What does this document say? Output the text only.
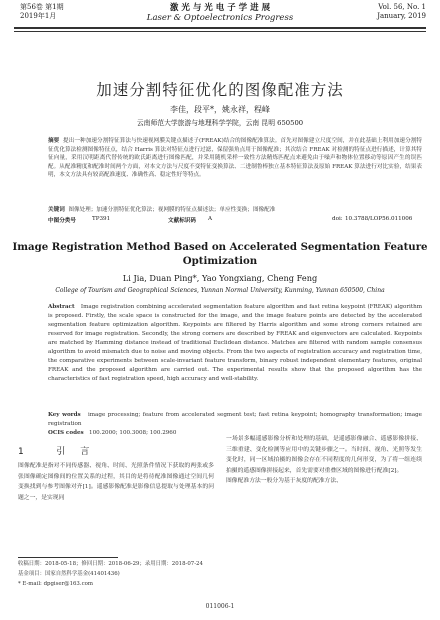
第56卷 第1期
2019年1月
激 光 与 光 电 子 学 进 展
Laser & Optoelectronics Progress
Vol. 56, No. 1
January, 2019
加速分割特征优化的图像配准方法
李佳，段平*，姚永祥，程峰
云南师范大学旅游与地理科学学院，云南 昆明 650500
摘要 提出一种加速分割特征算法与快速视网膜关键点描述子(FREAK)结合的图像配准算法。首先对图像建立尺度空间，并在此基础上利用加速分割特征优化算法检测图像特征点，结合 Harris 算法对特征点进行过滤，保留强角点用于图像配准；其次结合 FREAK 对检测的特征点进行描述，计算其特征向量，采用汉明距离代替传统的欧氏距离进行图像匹配，并采用随机采样一致性方法精炼匹配点来避免由于噪声和物体位置移动等原因产生的误匹配。从配准精度和配准时间两个方面，对本文方法与尺度不变特征变换算法、二进制鲁棒独立基本特征算法及原始 FREAK 算法进行对比实验，结果表明，本文方法具有较高配准速度、准确性高、稳定性好等特点。
关键词 图像处理；加速分割特征优化算法；视网膜的特征点描述法；单应性变换；图像配准
中图分类号	TP391	文献标识码 A	doi: 10.3788/LOP56.011006
Image Registration Method Based on Accelerated Segmentation Feature Optimization
Li Jia, Duan Ping*, Yao Yongxiang, Cheng Feng
College of Tourism and Geographical Sciences, Yunnan Normal University, Kunming, Yunnan 650500, China
Abstract Image registration combining accelerated segmentation feature algorithm and fast retina keypoint (FREAK) algorithm is proposed. Firstly, the scale space is constructed for the image, and the image feature points are detected by the accelerated segmentation feature optimization algorithm. Keypoints are filtered by Harris algorithm and some strong corners retained are reserved for image registration. Secondly, the strong corners are described by FREAK and eigenvectors are calculated. Keypoints are matched by Hamming distance instead of traditional Euclidean distance. Matches are filtered with random sample consensus algorithm to avoid mismatch due to noise and moving objects. From the two aspects of registration accuracy and registration time, the comparative experiments between scale-invariant feature transform, binary robust independent elementary features, original FREAK and the proposed algorithm are carried out. The experimental results show that the proposed algorithm has the characteristics of fast registration speed, high accuracy and well-stability.
Key words image processing; feature from accelerated segment test; fast retina keypoint; homography transformation; image registration
OCIS codes 100.2000; 100.3008; 100.2960
1	引 言
图像配准是指对不同传感器、视角、时间、光照条件情况下获取的两张或多张图像确定图像间的位置关系的过程，其目的是将待配准图像通过空间几何变换找到与参考图像对齐[1]。遥感影像配准是影像信息提取与处理基本的问题之一，是实现同
一场景多幅遥感影像分析和处理的基础，是遥感影像融合、遥感影像拼接、三维重建、变化检测等应用中的关键步骤之一。当时间、视角、光照等发生变化时，同一区域拍摄的图像会存在不同程度的几何形变，为了将一组连续拍摄的遥感图像拼接起来，首先需要对重叠区域的图像进行配准[2]。
图像配准方法一般分为基于灰度的配准方法、
收稿日期：2018-05-18；修回日期：2018-06-29；录用日期：2018-07-24
基金项目：国家自然科学基金(41401436)
* E-mail: dpgiser@163.com
011006-1
